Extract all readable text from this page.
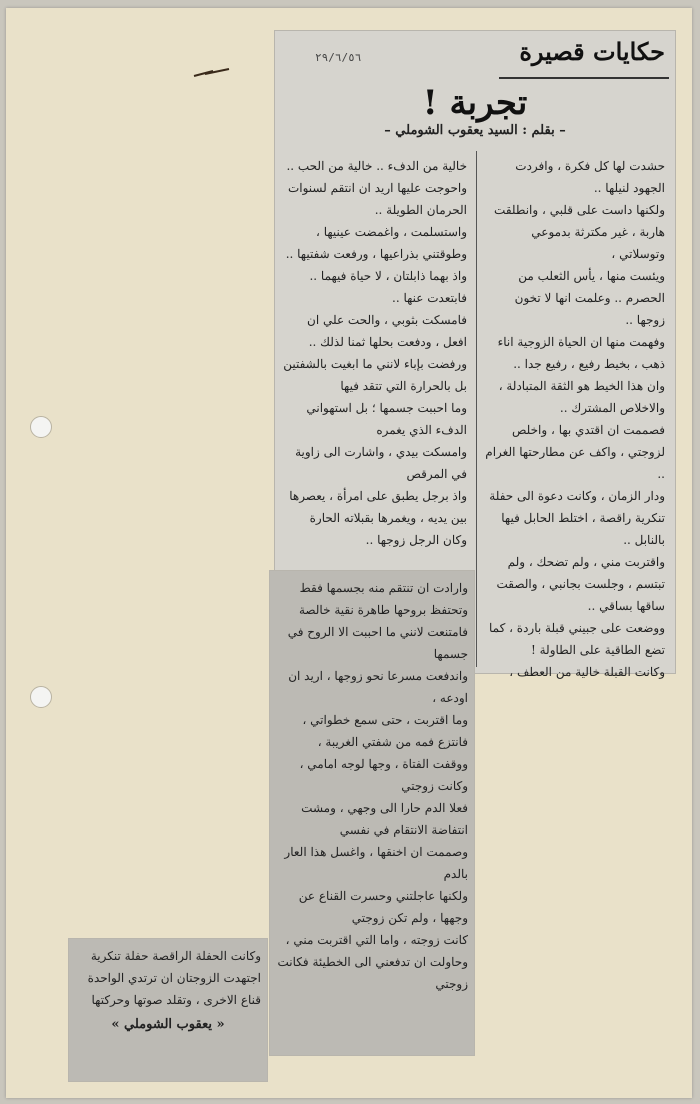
٢٩/٦/٥٦	حكايات قصيرة
تجربة !
– بقلم : السيد يعقوب الشوملي –

حشدت لها كل فكرة ، وافردت الجهود لنيلها ..

ولكنها داست على قلبي ، وانطلقت هاربة ، غير مكترثة بدموعي وتوسلاتي ،

ويئست منها ، يأس الثعلب من الحصرم .. وعلمت انها لا تخون زوجها ..

وفهمت منها ان الحياة الزوجية اناء ذهب ، بخيط رفيع ، رفيع جدا ..

وان هذا الخيط هو الثقة المتبادلة ، والاخلاص المشترك ..

فصممت ان اقتدي بها ، واخلص لزوجتي ، واكف عن مطارحتها الغرام ..

ودار الزمان ، وكانت دعوة الى حفلة تنكرية راقصة ، اختلط الحابل فيها بالنابل ..

واقتربت مني ، ولم تضحك ، ولم تبتسم ، وجلست بجانبي ، والصقت ساقها بساقي ..

ووضعت على جبيني قبلة باردة ، كما تضع الطاقية على الطاولة !

وكانت القبلة خالية من العطف ،

خالية من الدفء .. خالية من الحب .. واحوجت عليها اريد ان انتقم لسنوات الحرمان الطويلة ..

واستسلمت ، واغمضت عينيها ، وطوقتني بذراعيها ، ورفعت شفتيها ..

واذ بهما ذابلتان ، لا حياة فيهما .. فابتعدت عنها ..

فامسكت بثوبي ، والحت علي ان افعل ، ودفعت بحلها ثمنا لذلك ..

ورفضت بإباء لانني ما ابغيت بالشفتين بل بالحرارة التي تتقد فيها

وما احببت جسمها ؛ بل استهواني الدفء الذي يغمره

وامسكت بيدي ، واشارت الى زاوية في المرقص

واذ برجل يطبق على امرأة ، يعصرها بين يديه ، ويغمرها بقبلاته الحارة

وكان الرجل زوجها ..

وارادت ان تنتقم منه بجسمها فقط وتحتفظ بروحها طاهرة نقية خالصة

فامتنعت لانني ما احببت الا الروح في جسمها

واندفعت مسرعا نحو زوجها ، اريد ان اودعه ،

وما اقتربت ، حتى سمع خطواتي ، فانتزع فمه من شفتي الغريبة ،

ووقفت الفتاة ، وجها لوجه امامي ، وكانت زوجتي

فعلا الدم حارا الى وجهي ، ومشت انتفاضة الانتقام في نفسي

وصممت ان اخنقها ، واغسل هذا العار بالدم

ولكنها عاجلتني وحسرت القناع عن وجهها ، ولم تكن زوجتي

كانت زوجته ، واما التي اقتربت مني ، وحاولت ان تدفعني الى الخطيئة فكانت زوجتي

وكانت الحفلة الراقصة حفلة تنكرية اجتهدت الزوجتان ان ترتدي الواحدة قناع الاخرى ، وتقلد صوتها وحركتها

« يعقوب الشوملي »
